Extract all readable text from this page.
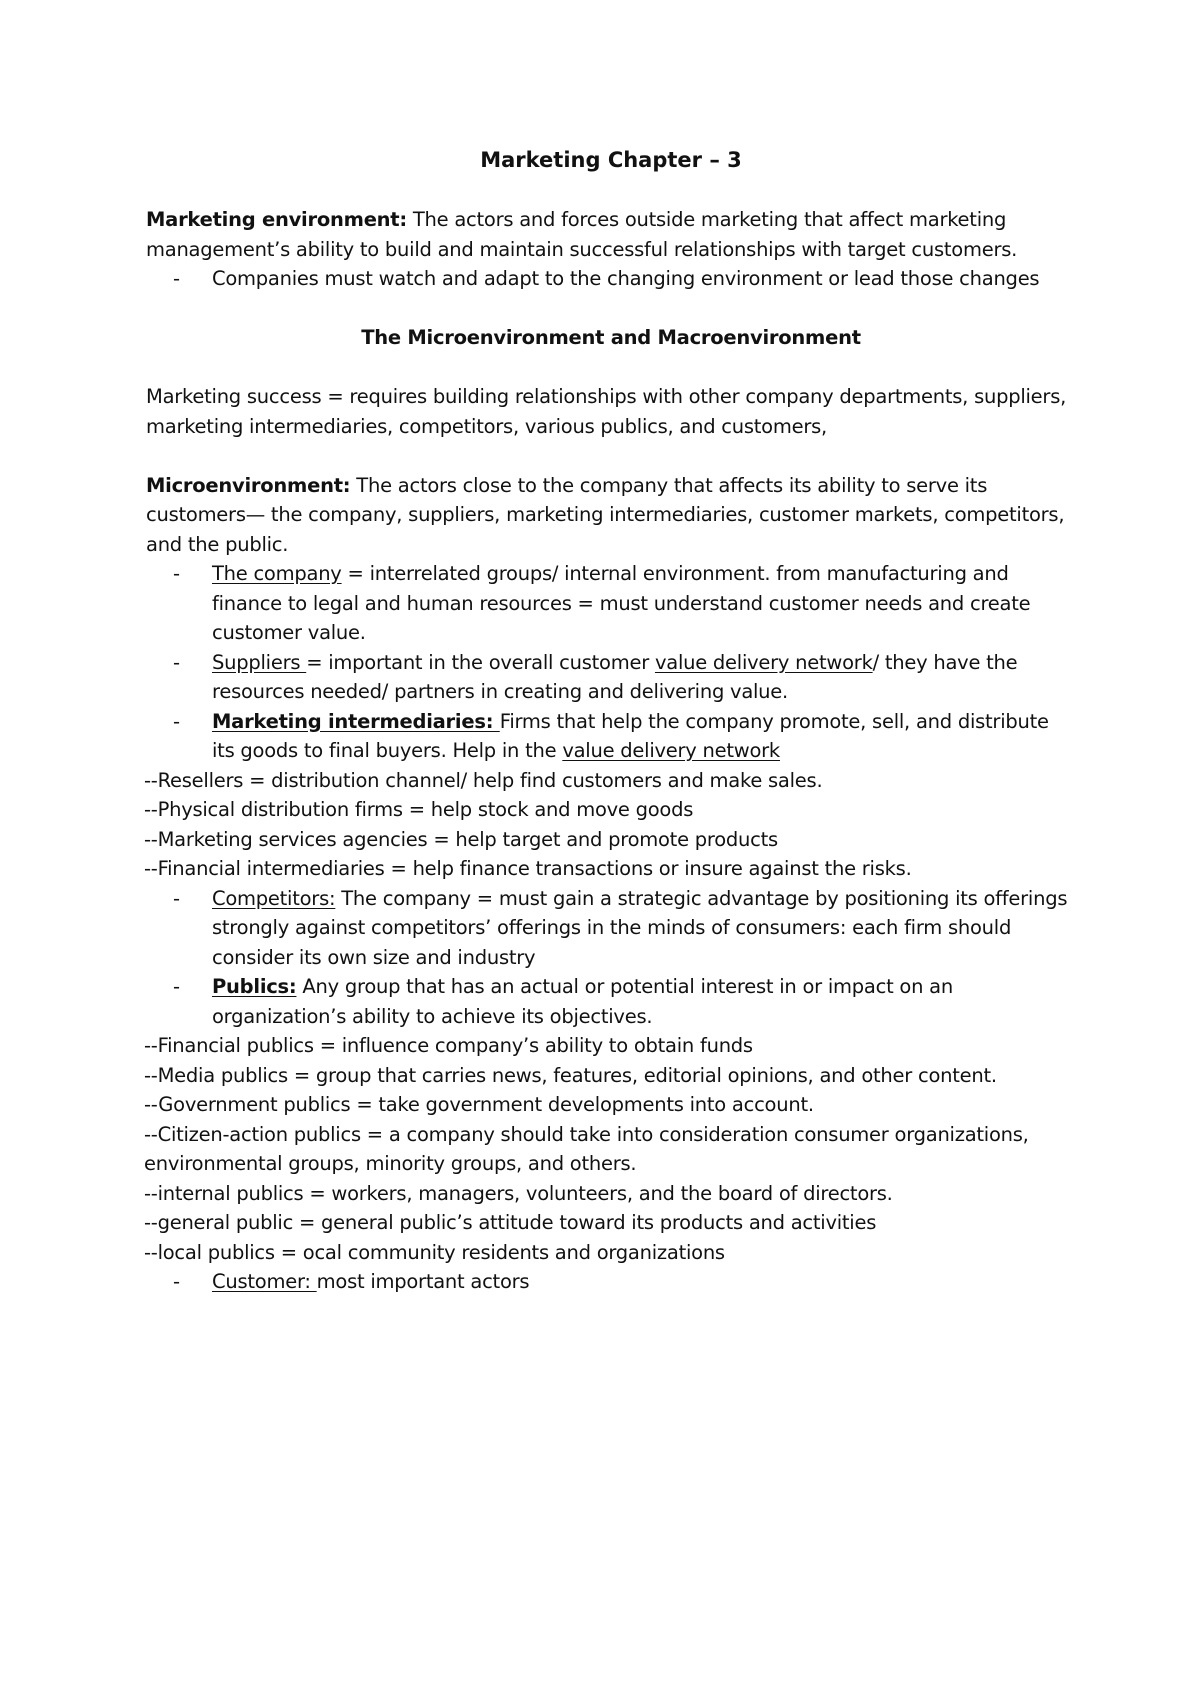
Marketing Chapter – 3

Marketing environment: The actors and forces outside marketing that affect marketing management’s ability to build and maintain successful relationships with target customers.

- Companies must watch and adapt to the changing environment or lead those changes

The Microenvironment and Macroenvironment

Marketing success = requires building relationships with other company departments, suppliers, marketing intermediaries, competitors, various publics, and customers,

Microenvironment: The actors close to the company that affects its ability to serve its customers— the company, suppliers, marketing intermediaries, customer markets, competitors, and the public.

- The company = interrelated groups/ internal environment. from manufacturing and finance to legal and human resources = must understand customer needs and create customer value.

- Suppliers = important in the overall customer value delivery network/ they have the resources needed/ partners in creating and delivering value.

- Marketing intermediaries: Firms that help the company promote, sell, and distribute its goods to final buyers. Help in the value delivery network

--Resellers = distribution channel/ help find customers and make sales.

--Physical distribution firms = help stock and move goods

--Marketing services agencies = help target and promote products

--Financial intermediaries = help finance transactions or insure against the risks.

- Competitors: The company = must gain a strategic advantage by positioning its offerings strongly against competitors’ offerings in the minds of consumers: each firm should consider its own size and industry

- Publics: Any group that has an actual or potential interest in or impact on an organization’s ability to achieve its objectives.

--Financial publics = influence company’s ability to obtain funds

--Media publics = group that carries news, features, editorial opinions, and other content.

--Government publics = take government developments into account.

--Citizen-action publics = a company should take into consideration consumer organizations, environmental groups, minority groups, and others.

--internal publics = workers, managers, volunteers, and the board of directors.

--general public = general public’s attitude toward its products and activities

--local publics = ocal community residents and organizations

- Customer: most important actors
